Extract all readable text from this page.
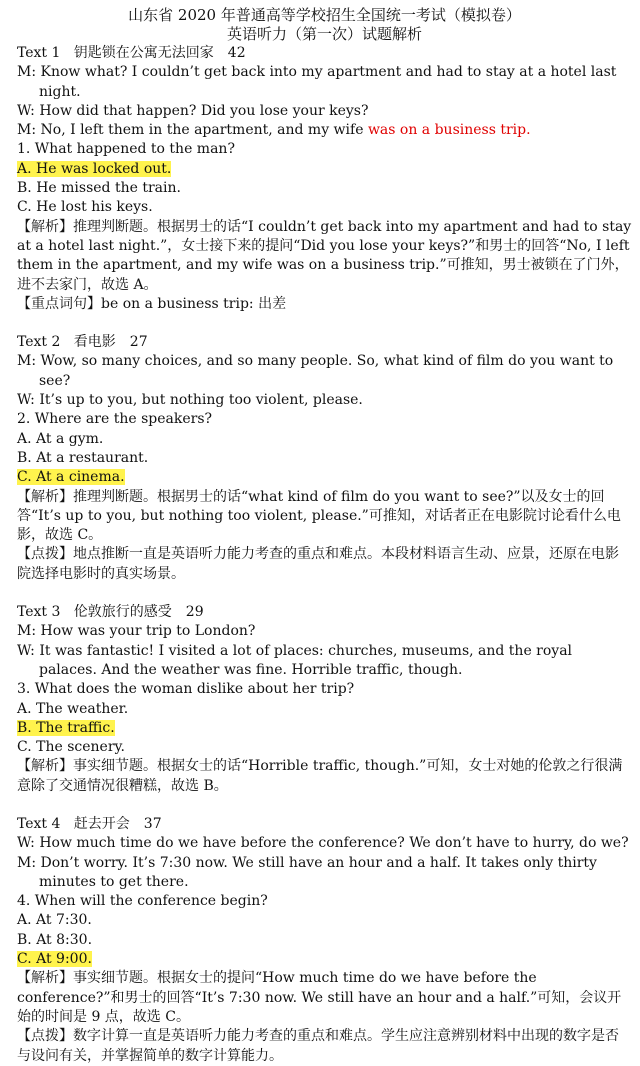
山东省 2020 年普通高等学校招生全国统一考试（模拟卷）
英语听力（第一次）试题解析
Text 1 钥匙锁在公寓无法回家 42
M: Know what? I couldn’t get back into my apartment and had to stay at a hotel last night.
W: How did that happen? Did you lose your keys?
M: No, I left them in the apartment, and my wife was on a business trip.
1. What happened to the man?
A. He was locked out.
B. He missed the train.
C. He lost his keys.
【解析】推理判断题。根据男士的话“I couldn’t get back into my apartment and had to stay at a hotel last night.”，女士接下来的提问“Did you lose your keys?”和男士的回答“No, I left them in the apartment, and my wife was on a business trip.”可推知，男士被锁在了门外，进不去家门，故选 A。
【重点词句】be on a business trip: 出差
Text 2 看电影 27
M: Wow, so many choices, and so many people. So, what kind of film do you want to see?
W: It’s up to you, but nothing too violent, please.
2. Where are the speakers?
A. At a gym.
B. At a restaurant.
C. At a cinema.
【解析】推理判断题。根据男士的话“what kind of film do you want to see?”以及女士的回答“It’s up to you, but nothing too violent, please.”可推知，对话者正在电影院讨论看什么电影，故选 C。
【点拨】地点推断一直是英语听力能力考查的重点和难点。本段材料语言生动、应景，还原在电影院选择电影时的真实场景。
Text 3 伦敦旅行的感受 29
M: How was your trip to London?
W: It was fantastic! I visited a lot of places: churches, museums, and the royal palaces. And the weather was fine. Horrible traffic, though.
3. What does the woman dislike about her trip?
A. The weather.
B. The traffic.
C. The scenery.
【解析】事实细节题。根据女士的话“Horrible traffic, though.”可知，女士对她的伦敦之行很满意除了交通情况很糟糕，故选 B。
Text 4 赶去开会 37
W: How much time do we have before the conference? We don’t have to hurry, do we?
M: Don’t worry. It’s 7:30 now. We still have an hour and a half. It takes only thirty minutes to get there.
4. When will the conference begin?
A. At 7:30.
B. At 8:30.
C. At 9:00.
【解析】事实细节题。根据女士的提问“How much time do we have before the conference?”和男士的回答“It’s 7:30 now. We still have an hour and a half.”可知，会议开始的时间是 9 点，故选 C。
【点拨】数字计算一直是英语听力能力考查的重点和难点。学生应注意辨别材料中出现的数字是否与设问有关，并掌握简单的数字计算能力。
